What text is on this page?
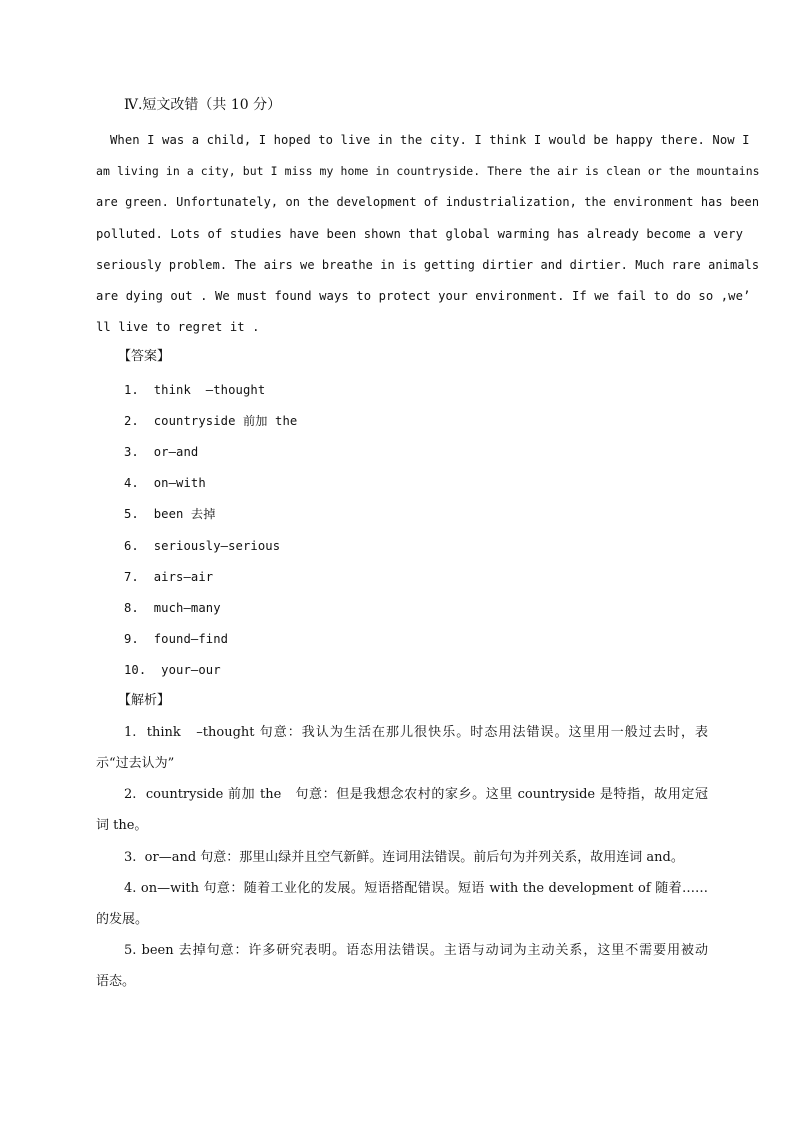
Ⅳ.短文改错（共 10 分）
When I was a child, I hoped to live in the city. I think I would be happy there. Now I
am living in a city, but I miss my home in countryside. There the air is clean or the mountains
are green. Unfortunately, on the development of industrialization, the environment has been
polluted. Lots of studies have been shown that global warming has already become a very
seriously problem. The airs we breathe in is getting dirtier and dirtier. Much rare animals
are dying out . We must found ways to protect your environment. If we fail to do so ,we’
ll live to regret it .
【答案】
1.  think  –thought
2.  countryside 前加 the
3.  or—and
4.  on—with
5.  been 去掉
6.  seriously—serious
7.  airs—air
8.  much—many
9.  found—find
10.  your—our
【解析】
1.  think   –thought 句意：我认为生活在那儿很快乐。时态用法错误。这里用一般过去时，表
示“过去认为”
2.  countryside 前加 the   句意：但是我想念农村的家乡。这里 countryside 是特指，故用定冠
词 the。
3.  or—and 句意：那里山绿并且空气新鲜。连词用法错误。前后句为并列关系，故用连词 and。
4. on—with 句意：随着工业化的发展。短语搭配错误。短语 with the development of 随着……
的发展。
5. been 去掉句意：许多研究表明。语态用法错误。主语与动词为主动关系，这里不需要用被动
语态。
